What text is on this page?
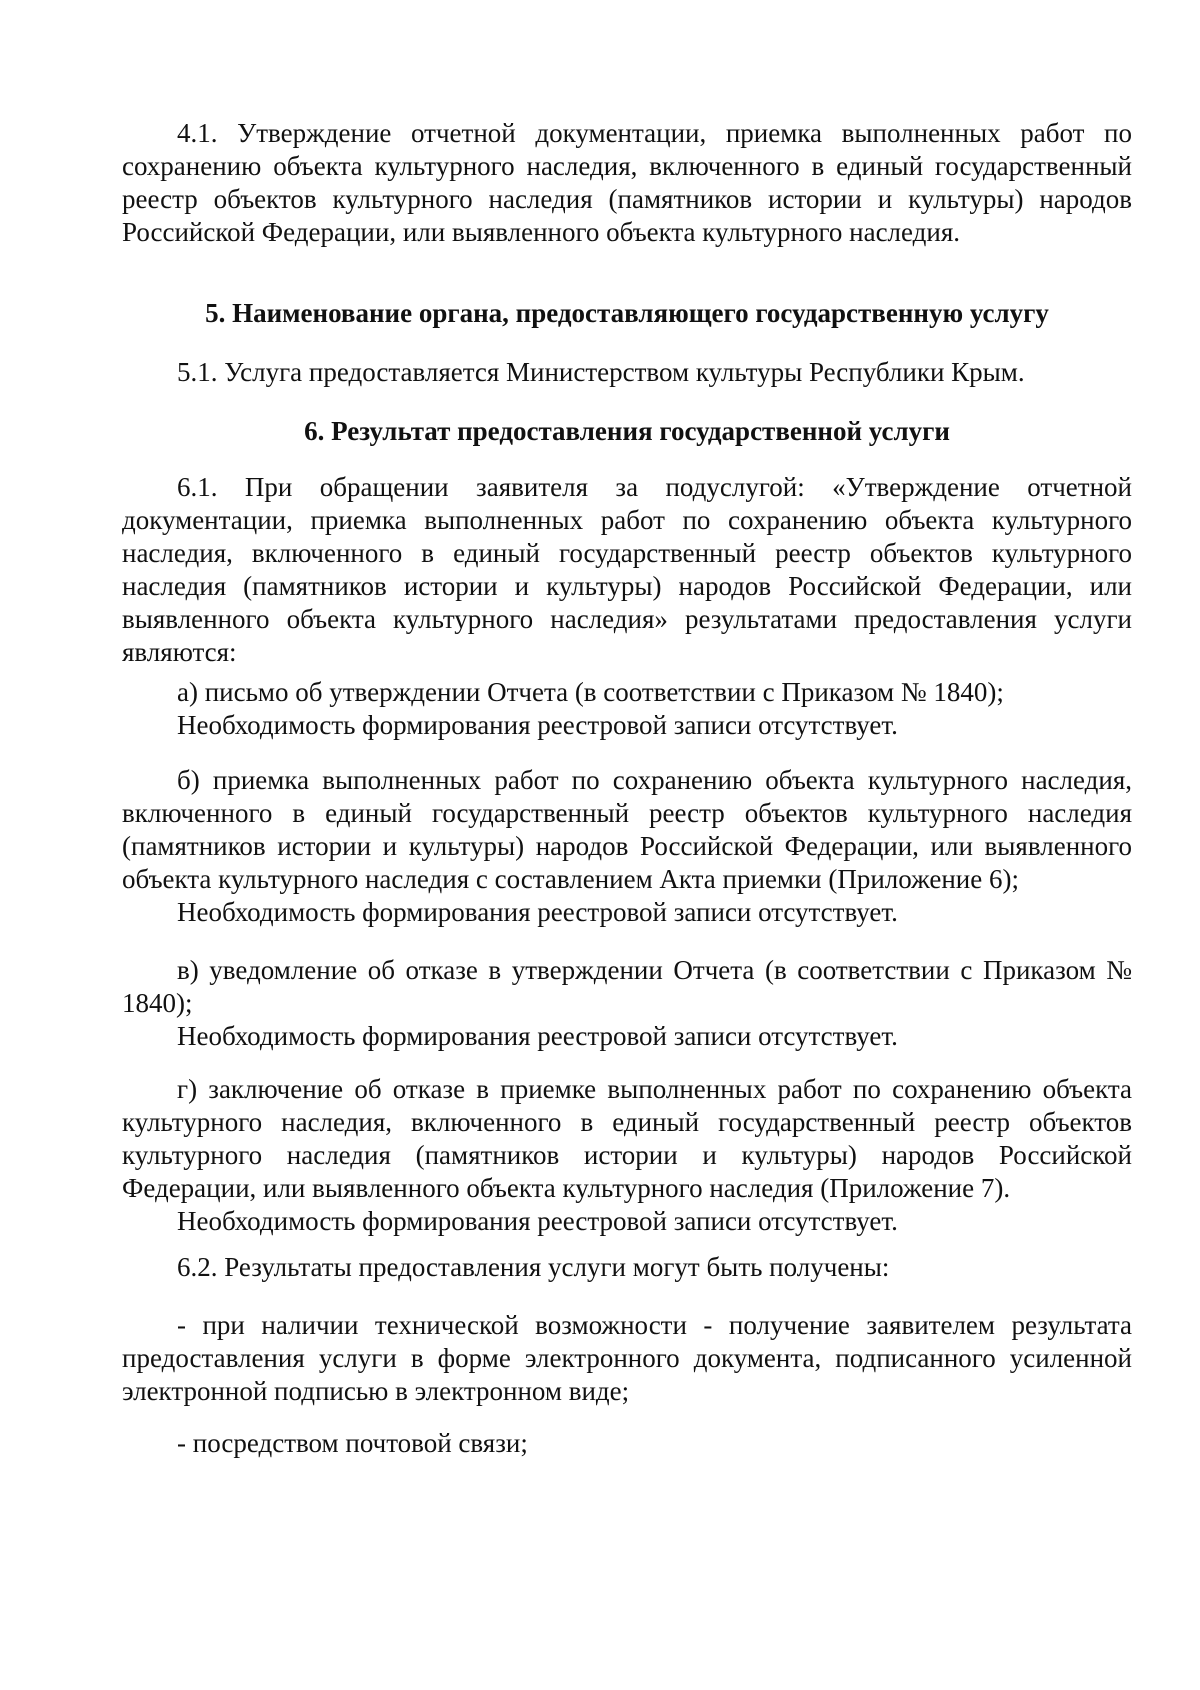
4.1. Утверждение отчетной документации, приемка выполненных работ по сохранению объекта культурного наследия, включенного в единый государственный реестр объектов культурного наследия (памятников истории и культуры) народов Российской Федерации, или выявленного объекта культурного наследия.

5. Наименование органа, предоставляющего государственную услугу

5.1. Услуга предоставляется Министерством культуры Республики Крым.

6. Результат предоставления государственной услуги

6.1. При обращении заявителя за подуслугой: «Утверждение отчетной документации, приемка выполненных работ по сохранению объекта культурного наследия, включенного в единый государственный реестр объектов культурного наследия (памятников истории и культуры) народов Российской Федерации, или выявленного объекта культурного наследия» результатами предоставления услуги являются:

а) письмо об утверждении Отчета (в соответствии с Приказом № 1840);
Необходимость формирования реестровой записи отсутствует.
б) приемка выполненных работ по сохранению объекта культурного наследия, включенного в единый государственный реестр объектов культурного наследия (памятников истории и культуры) народов Российской Федерации, или выявленного объекта культурного наследия с составлением Акта приемки (Приложение 6);
Необходимость формирования реестровой записи отсутствует.
в) уведомление об отказе в утверждении Отчета (в соответствии с Приказом № 1840);
Необходимость формирования реестровой записи отсутствует.
г) заключение об отказе в приемке выполненных работ по сохранению объекта культурного наследия, включенного в единый государственный реестр объектов культурного наследия (памятников истории и культуры) народов Российской Федерации, или выявленного объекта культурного наследия (Приложение 7).
Необходимость формирования реестровой записи отсутствует.

6.2. Результаты предоставления услуги могут быть получены:

- при наличии технической возможности - получение заявителем результата предоставления услуги в форме электронного документа, подписанного усиленной электронной подписью в электронном виде;

- посредством почтовой связи;
